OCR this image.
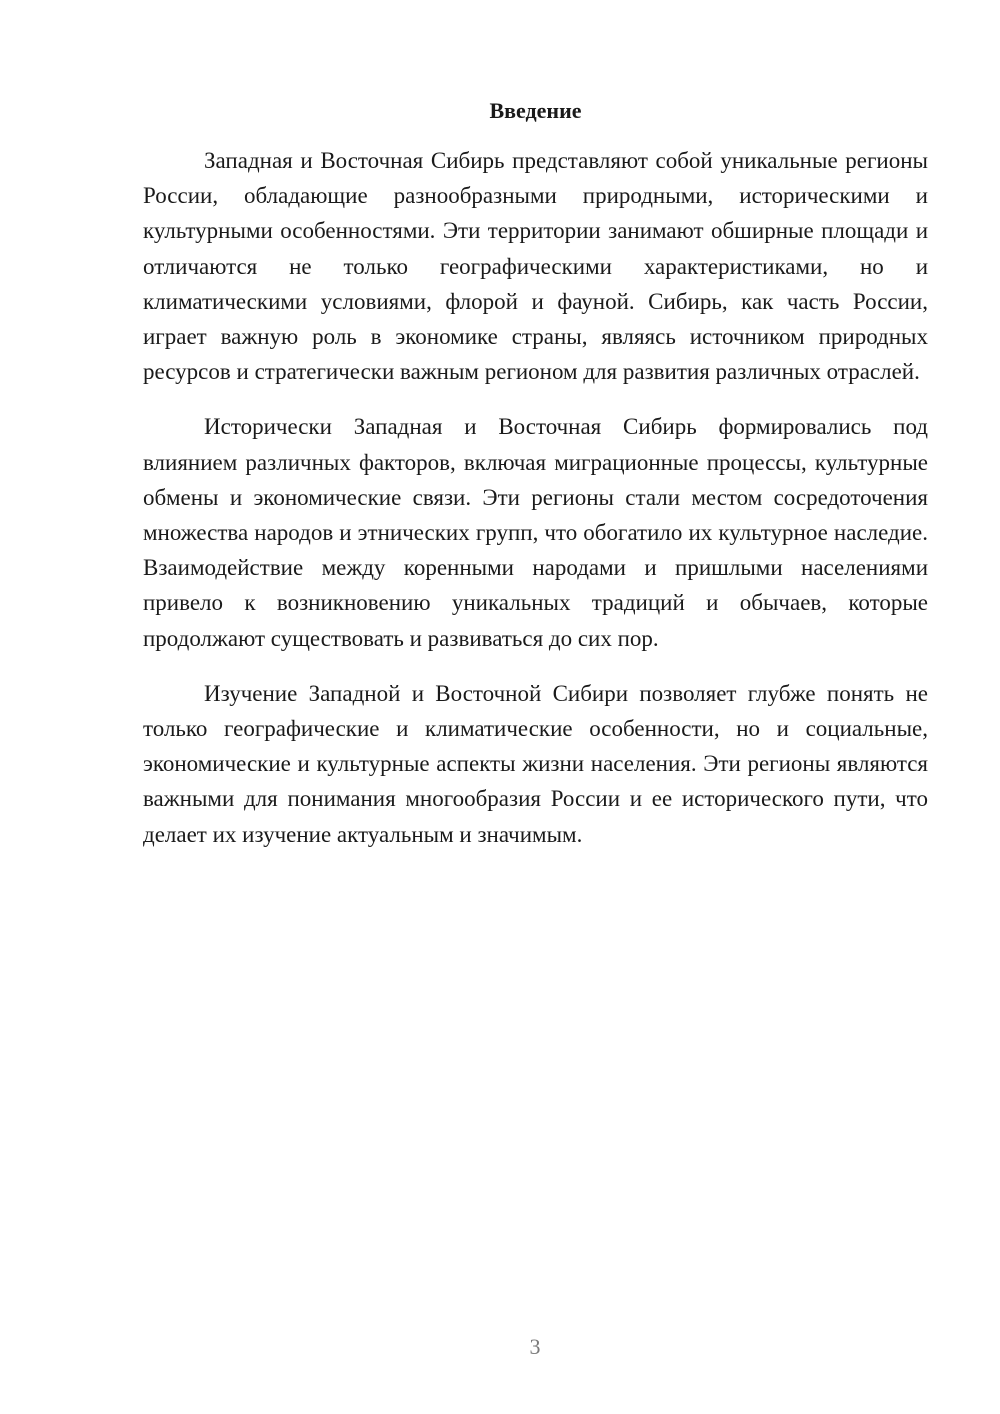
Введение

Западная и Восточная Сибирь представляют собой уникальные регионы России, обладающие разнообразными природными, историческими и культурными особенностями. Эти территории занимают обширные площади и отличаются не только географическими характеристиками, но и климатическими условиями, флорой и фауной. Сибирь, как часть России, играет важную роль в экономике страны, являясь источником природных ресурсов и стратегически важным регионом для развития различных отраслей.

Исторически Западная и Восточная Сибирь формировались под влиянием различных факторов, включая миграционные процессы, культурные обмены и экономические связи. Эти регионы стали местом сосредоточения множества народов и этнических групп, что обогатило их культурное наследие. Взаимодействие между коренными народами и пришлыми населениями привело к возникновению уникальных традиций и обычаев, которые продолжают существовать и развиваться до сих пор.

Изучение Западной и Восточной Сибири позволяет глубже понять не только географические и климатические особенности, но и социальные, экономические и культурные аспекты жизни населения. Эти регионы являются важными для понимания многообразия России и ее исторического пути, что делает их изучение актуальным и значимым.

3
